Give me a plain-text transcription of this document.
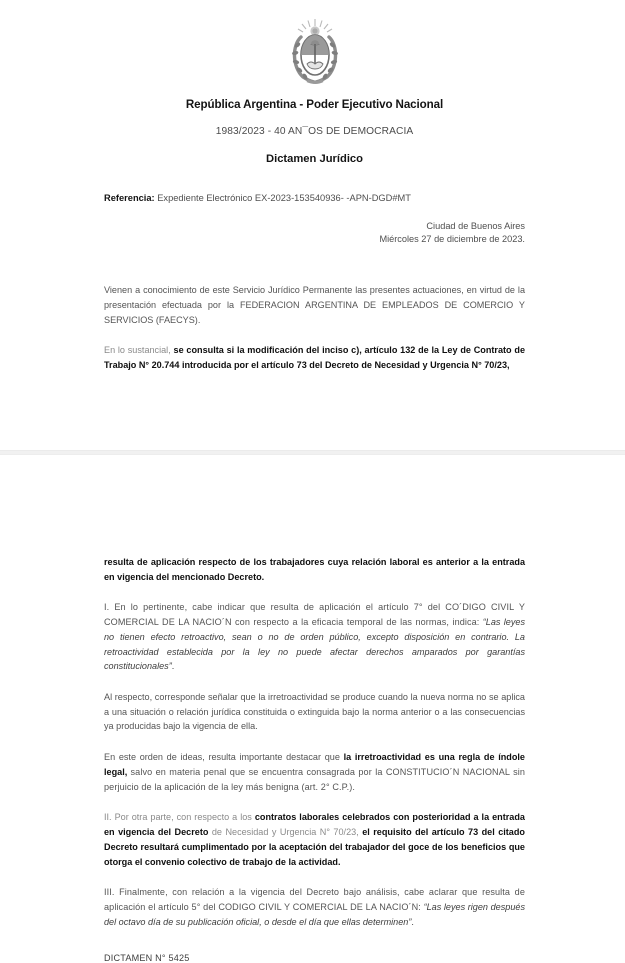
República Argentina - Poder Ejecutivo Nacional
1983/2023 - 40 AN¯OS DE DEMOCRACIA
Dictamen Jurídico
Referencia: Expediente Electrónico EX-2023-153540936- -APN-DGD#MT
Ciudad de Buenos Aires
Miércoles 27 de diciembre de 2023.
Vienen a conocimiento de este Servicio Jurídico Permanente las presentes actuaciones, en virtud de la presentación efectuada por la FEDERACION ARGENTINA DE EMPLEADOS DE COMERCIO Y SERVICIOS (FAECYS).
En lo sustancial, se consulta si la modificación del inciso c), artículo 132 de la Ley de Contrato de Trabajo N° 20.744 introducida por el artículo 73 del Decreto de Necesidad y Urgencia N° 70/23,
resulta de aplicación respecto de los trabajadores cuya relación laboral es anterior a la entrada en vigencia del mencionado Decreto.
I. En lo pertinente, cabe indicar que resulta de aplicación el artículo 7° del CO´DIGO CIVIL Y COMERCIAL DE LA NACIO´N con respecto a la eficacia temporal de las normas, indica: “Las leyes no tienen efecto retroactivo, sean o no de orden público, excepto disposición en contrario. La retroactividad establecida por la ley no puede afectar derechos amparados por garantías constitucionales”.
Al respecto, corresponde señalar que la irretroactividad se produce cuando la nueva norma no se aplica a una situación o relación jurídica constituida o extinguida bajo la norma anterior o a las consecuencias ya producidas bajo la vigencia de ella.
En este orden de ideas, resulta importante destacar que la irretroactividad es una regla de índole legal, salvo en materia penal que se encuentra consagrada por la CONSTITUCIO´N NACIONAL sin perjuicio de la aplicación de la ley más benigna (art. 2° C.P.).
II. Por otra parte, con respecto a los contratos laborales celebrados con posterioridad a la entrada en vigencia del Decreto de Necesidad y Urgencia N° 70/23, el requisito del artículo 73 del citado Decreto resultará cumplimentado por la aceptación del trabajador del goce de los beneficios que otorga el convenio colectivo de trabajo de la actividad.
III. Finalmente, con relación a la vigencia del Decreto bajo análisis, cabe aclarar que resulta de aplicación el artículo 5° del CODIGO CIVIL Y COMERCIAL DE LA NACIO´N: “Las leyes rigen después del octavo día de su publicación oficial, o desde el día que ellas determinen”.
DICTAMEN N° 5425
